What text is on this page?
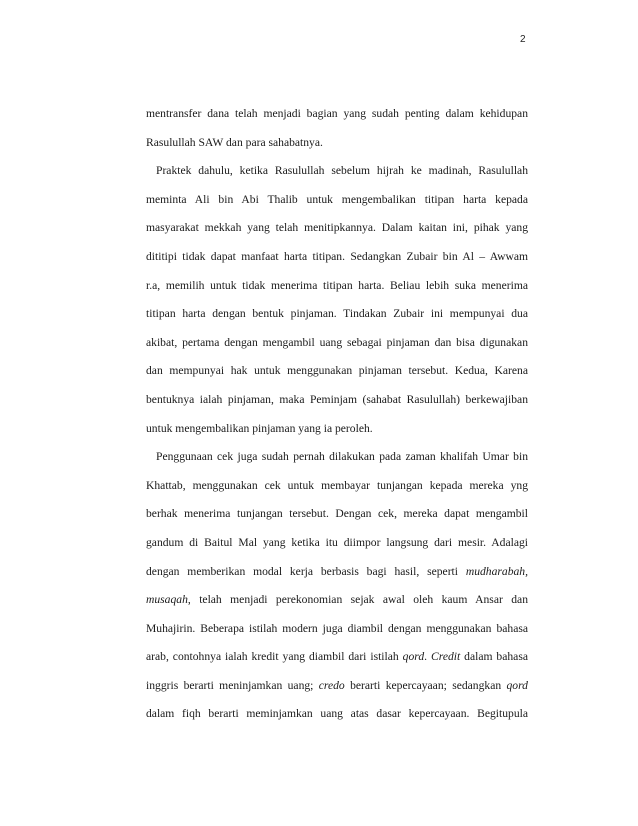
2
mentransfer dana telah menjadi bagian yang sudah penting dalam kehidupan
Rasulullah SAW dan para sahabatnya.
Praktek dahulu, ketika Rasulullah sebelum hijrah ke madinah, Rasulullah
meminta Ali bin Abi Thalib untuk mengembalikan titipan harta kepada
masyarakat mekkah yang telah menitipkannya. Dalam kaitan ini, pihak yang
dititipi tidak dapat manfaat harta titipan. Sedangkan Zubair bin Al – Awwam
r.a, memilih untuk tidak menerima titipan harta. Beliau lebih suka menerima
titipan harta dengan bentuk pinjaman. Tindakan Zubair ini mempunyai dua
akibat, pertama dengan mengambil uang sebagai pinjaman dan bisa digunakan
dan mempunyai hak untuk menggunakan pinjaman tersebut. Kedua, Karena
bentuknya ialah pinjaman, maka Peminjam (sahabat Rasulullah) berkewajiban
untuk mengembalikan pinjaman yang ia peroleh.
Penggunaan cek juga sudah pernah dilakukan pada zaman khalifah Umar bin
Khattab, menggunakan cek untuk membayar tunjangan kepada mereka yng
berhak menerima tunjangan tersebut. Dengan cek, mereka dapat mengambil
gandum di Baitul Mal yang ketika itu diimpor langsung dari mesir. Adalagi
dengan memberikan modal kerja berbasis bagi hasil, seperti mudharabah,
musaqah, telah menjadi perekonomian sejak awal oleh kaum Ansar dan
Muhajirin. Beberapa istilah modern juga diambil dengan menggunakan bahasa
arab, contohnya ialah kredit yang diambil dari istilah qord. Credit dalam bahasa
inggris berarti meninjamkan uang; credo berarti kepercayaan; sedangkan qord
dalam fiqh berarti meminjamkan uang atas dasar kepercayaan. Begitupula
